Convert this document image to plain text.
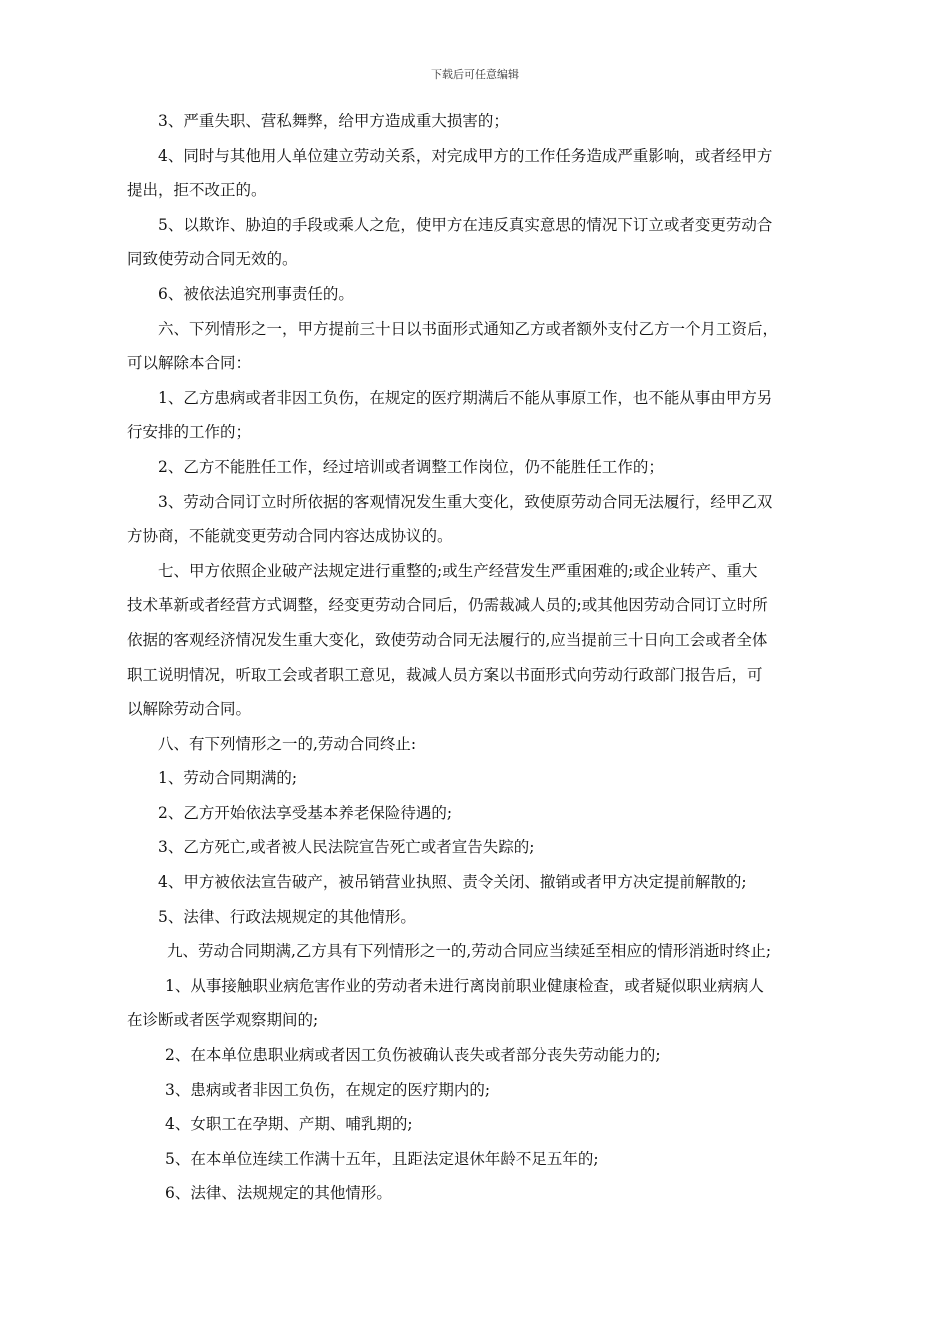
下载后可任意编辑
3、严重失职、营私舞弊，给甲方造成重大损害的；
4、同时与其他用人单位建立劳动关系，对完成甲方的工作任务造成严重影响，或者经甲方
提出，拒不改正的。
5、以欺诈、胁迫的手段或乘人之危，使甲方在违反真实意思的情况下订立或者变更劳动合
同致使劳动合同无效的。
6、被依法追究刑事责任的。
六、下列情形之一，甲方提前三十日以书面形式通知乙方或者额外支付乙方一个月工资后，
可以解除本合同：
1、乙方患病或者非因工负伤，在规定的医疗期满后不能从事原工作，也不能从事由甲方另
行安排的工作的；
2、乙方不能胜任工作，经过培训或者调整工作岗位，仍不能胜任工作的；
3、劳动合同订立时所依据的客观情况发生重大变化，致使原劳动合同无法履行，经甲乙双
方协商，不能就变更劳动合同内容达成协议的。
七、甲方依照企业破产法规定进行重整的;或生产经营发生严重困难的;或企业转产、重大
技术革新或者经营方式调整，经变更劳动合同后，仍需裁减人员的;或其他因劳动合同订立时所
依据的客观经济情况发生重大变化，致使劳动合同无法履行的,应当提前三十日向工会或者全体
职工说明情况，听取工会或者职工意见，裁减人员方案以书面形式向劳动行政部门报告后，可
以解除劳动合同。
八、有下列情形之一的,劳动合同终止:
1、劳动合同期满的;
2、乙方开始依法享受基本养老保险待遇的;
3、乙方死亡,或者被人民法院宣告死亡或者宣告失踪的;
4、甲方被依法宣告破产，被吊销营业执照、责令关闭、撤销或者甲方决定提前解散的;
5、法律、行政法规规定的其他情形。
九、劳动合同期满,乙方具有下列情形之一的,劳动合同应当续延至相应的情形消逝时终止;
1、从事接触职业病危害作业的劳动者未进行离岗前职业健康检查，或者疑似职业病病人
在诊断或者医学观察期间的;
2、在本单位患职业病或者因工负伤被确认丧失或者部分丧失劳动能力的;
3、患病或者非因工负伤，在规定的医疗期内的;
4、女职工在孕期、产期、哺乳期的;
5、在本单位连续工作满十五年，且距法定退休年龄不足五年的;
6、法律、法规规定的其他情形。
